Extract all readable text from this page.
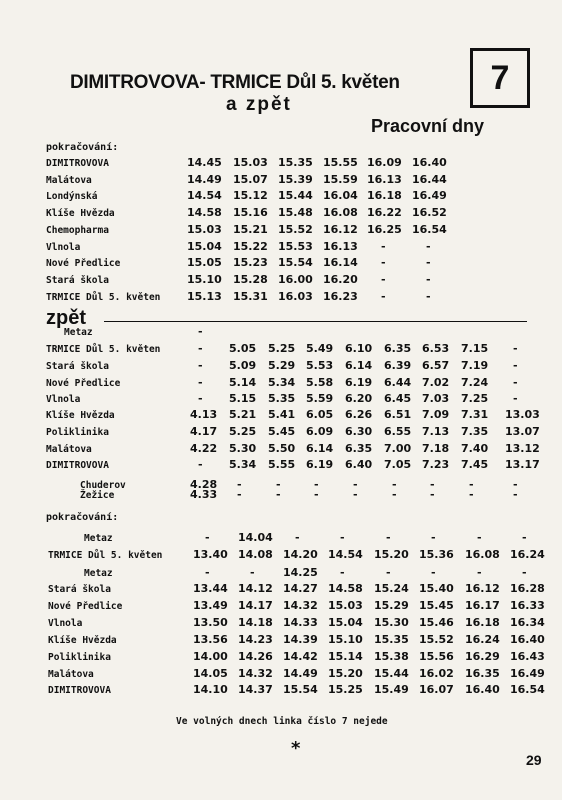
DIMITROVOVA- TRMICE Důl 5. květen
a zpět
7
Pracovní dny
pokračování:
DIMITROVOVA	14.45 15.03 15.35 15.55 16.09 16.40
Malátova	14.49 15.07 15.39 15.59 16.13 16.44
Londýnská	14.54 15.12 15.44 16.04 16.18 16.49
Klíše Hvězda	14.58 15.16 15.48 16.08 16.22 16.52
Chemopharma	15.03 15.21 15.52 16.12 16.25 16.54
Vlnola	15.04 15.22 15.53 16.13 -	-
Nové Předlice	15.05 15.23 15.54 16.14 -	-
Stará škola	15.10 15.28 16.00 16.20 -	-
TRMICE Důl 5. květen 15.13 15.31 16.03 16.23 -	-
zpět
Metaz	-
TRMICE Důl 5. květen	- 5.05 5.25 5.49 6.10 6.35 6.53 7.15 -
Stará škola	- 5.09 5.29 5.53 6.14 6.39 6.57 7.19 -
Nové Předlice	- 5.14 5.34 5.58 6.19 6.44 7.02 7.24 -
Vlnola	- 5.15 5.35 5.59 6.20 6.45 7.03 7.25 -
Klíše Hvězda	4.13 5.21 5.41 6.05 6.26 6.51 7.09 7.31 13.03
Poliklinika	4.17 5.25 5.45 6.09 6.30 6.55 7.13 7.35 13.07
Malátova	4.22 5.30 5.50 6.14 6.35 7.00 7.18 7.40 13.12
DIMITROVOVA	- 5.34 5.55 6.19 6.40 7.05 7.23 7.45 13.17
Chuderov	4.28 -	-	-	-	-	-	-	-
Žežice	4.33 -	-	-	-	-	-	-	-
pokračování:
Metaz	-	14.04 -	-	-	-	-	-
TRMICE Důl 5. květen	13.40 14.08 14.20 14.54 15.20 15.36 16.08 16.24
Metaz	-	-	14.25 -	-	-	-	-
Stará škola	13.44 14.12 14.27 14.58 15.24 15.40 16.12 16.28
Nové Předlice	13.49 14.17 14.32 15.03 15.29 15.45 16.17 16.33
Vlnola	13.50 14.18 14.33 15.04 15.30 15.46 16.18 16.34
Klíše Hvězda	13.56 14.23 14.39 15.10 15.35 15.52 16.24 16.40
Poliklinika	14.00 14.26 14.42 15.14 15.38 15.56 16.29 16.43
Malátova	14.05 14.32 14.49 15.20 15.44 16.02 16.35 16.49
DIMITROVOVA	14.10 14.37 15.54 15.25 15.49 16.07 16.40 16.54
Ve volných dnech linka číslo 7 nejede
*
29
